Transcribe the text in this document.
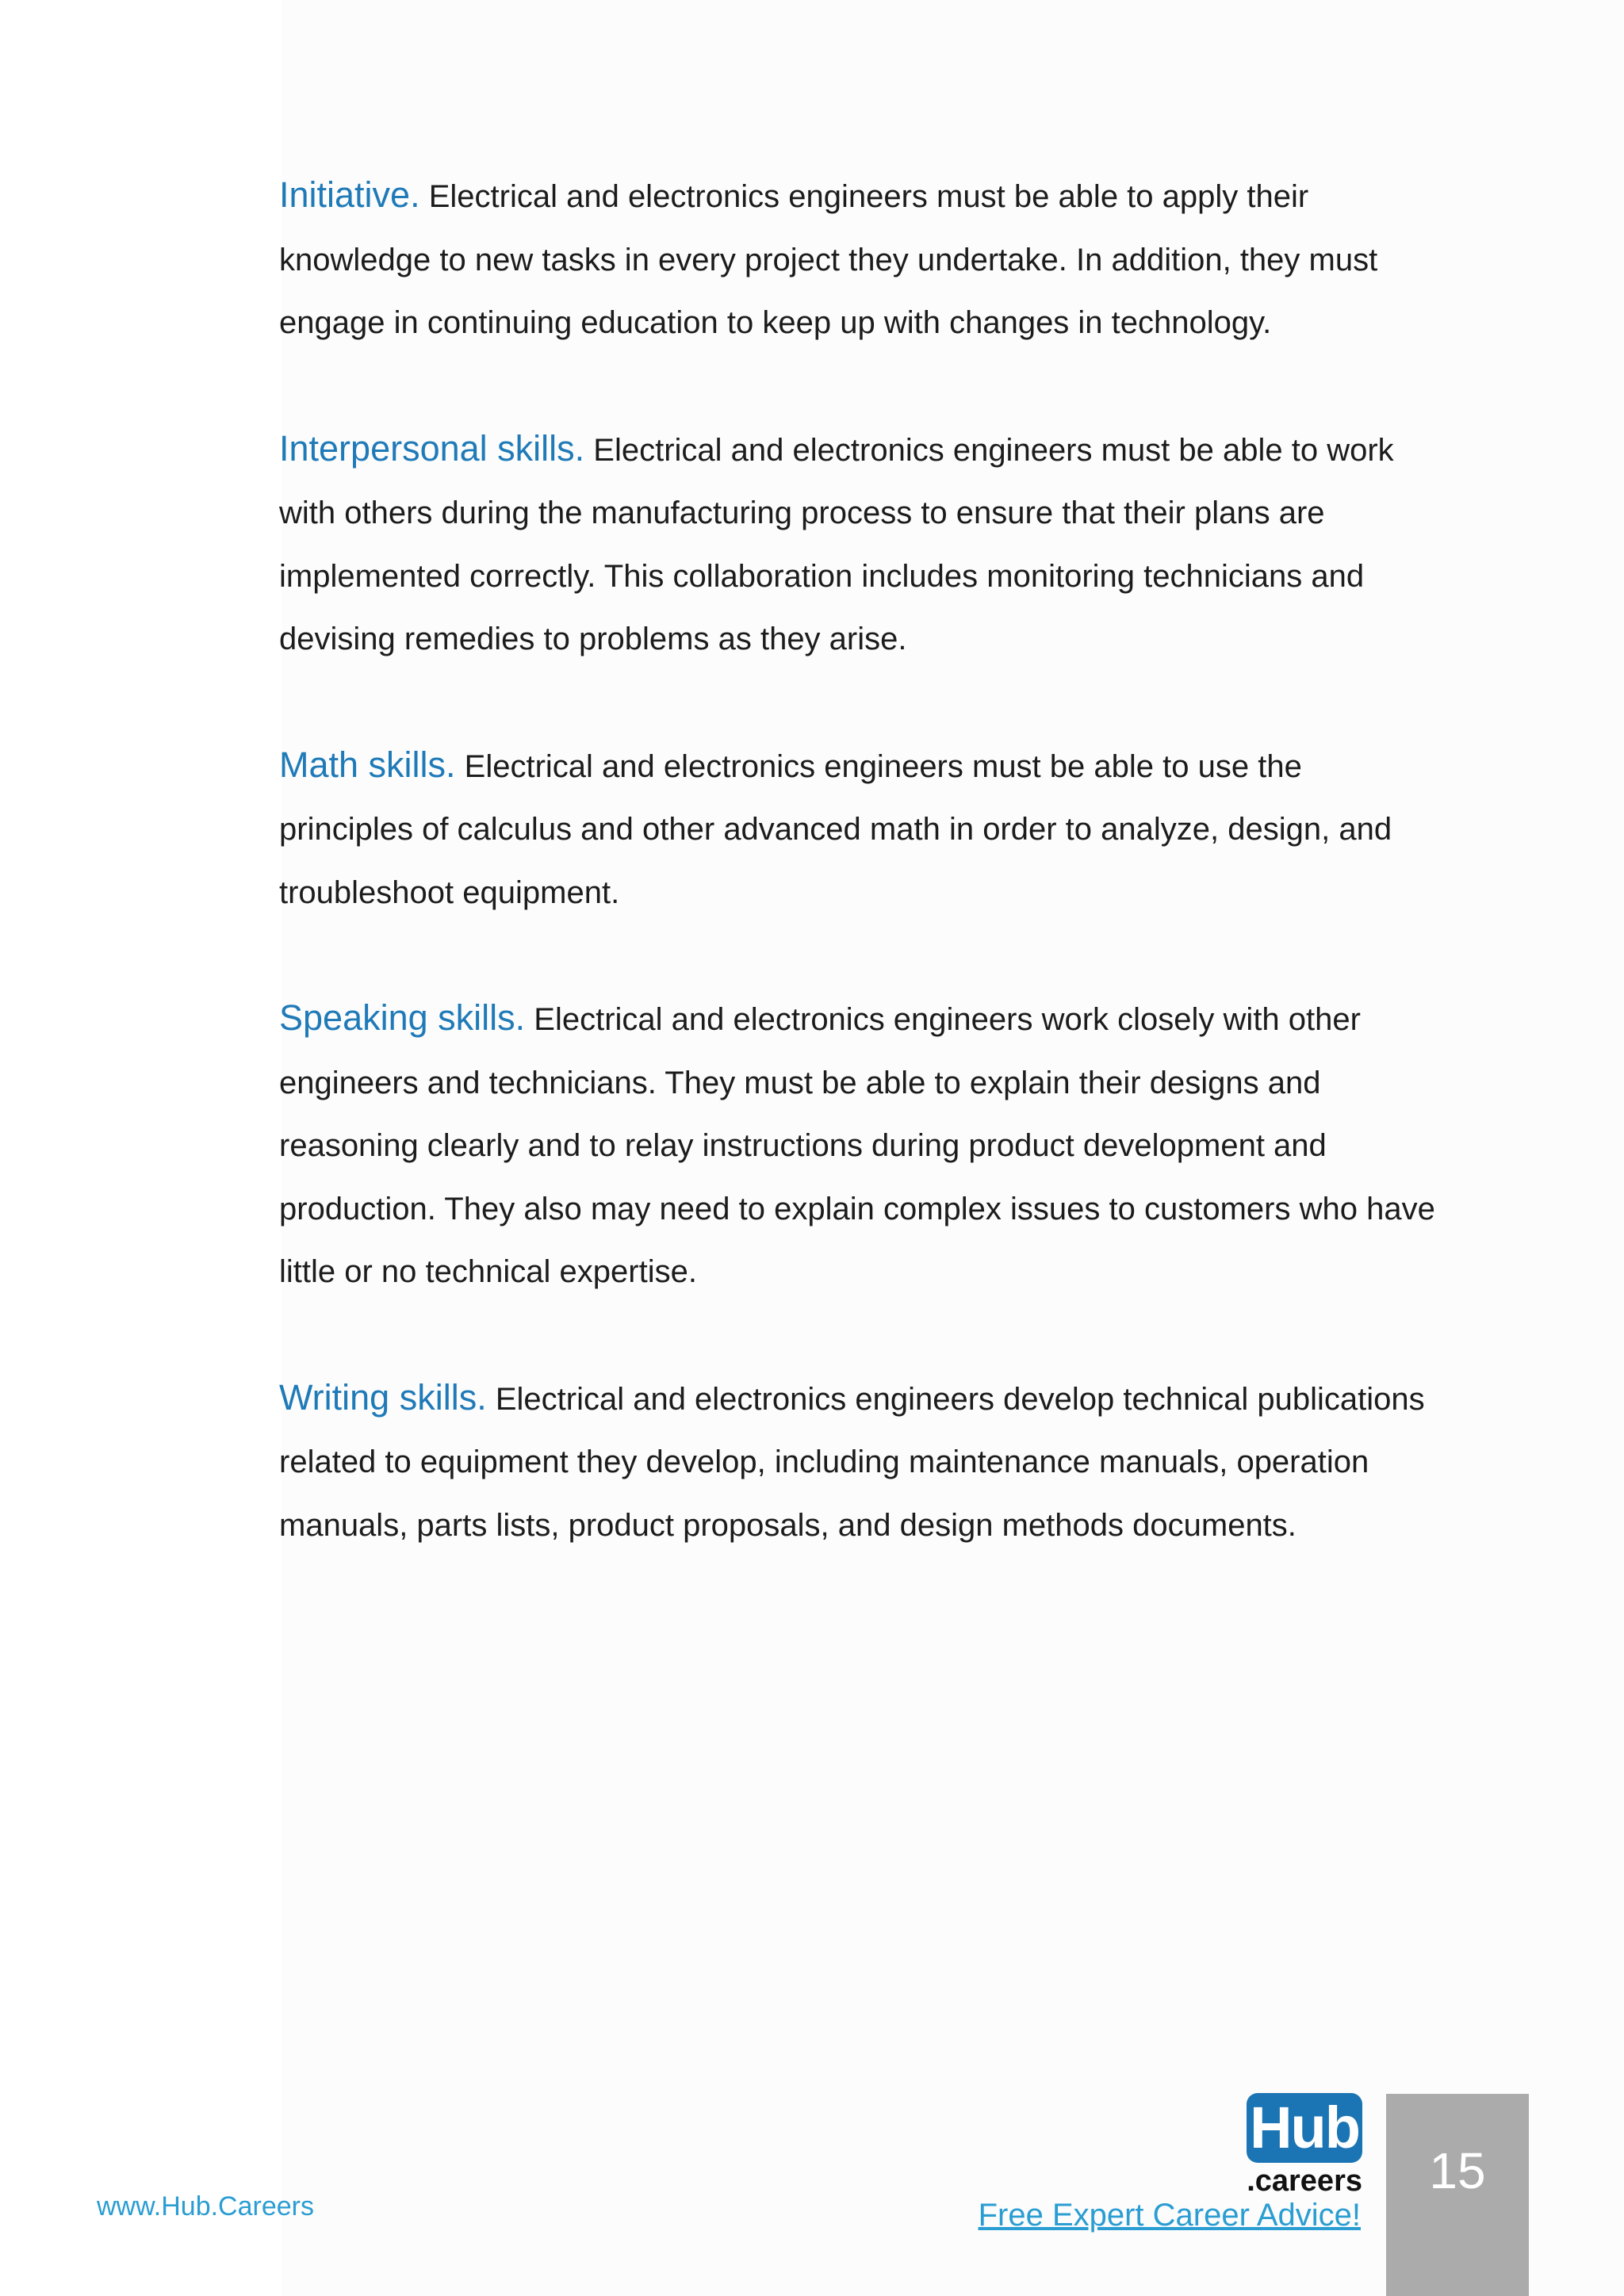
Initiative. Electrical and electronics engineers must be able to apply their knowledge to new tasks in every project they undertake. In addition, they must engage in continuing education to keep up with changes in technology.

Interpersonal skills. Electrical and electronics engineers must be able to work with others during the manufacturing process to ensure that their plans are implemented correctly. This collaboration includes monitoring technicians and devising remedies to problems as they arise.

Math skills. Electrical and electronics engineers must be able to use the principles of calculus and other advanced math in order to analyze, design, and troubleshoot equipment.

Speaking skills. Electrical and electronics engineers work closely with other engineers and technicians. They must be able to explain their designs and reasoning clearly and to relay instructions during product development and production. They also may need to explain complex issues to customers who have little or no technical expertise.

Writing skills. Electrical and electronics engineers develop technical publications related to equipment they develop, including maintenance manuals, operation manuals, parts lists, product proposals, and design methods documents.

www.Hub.Careers
Hub
.careers
Free Expert Career Advice!
15
